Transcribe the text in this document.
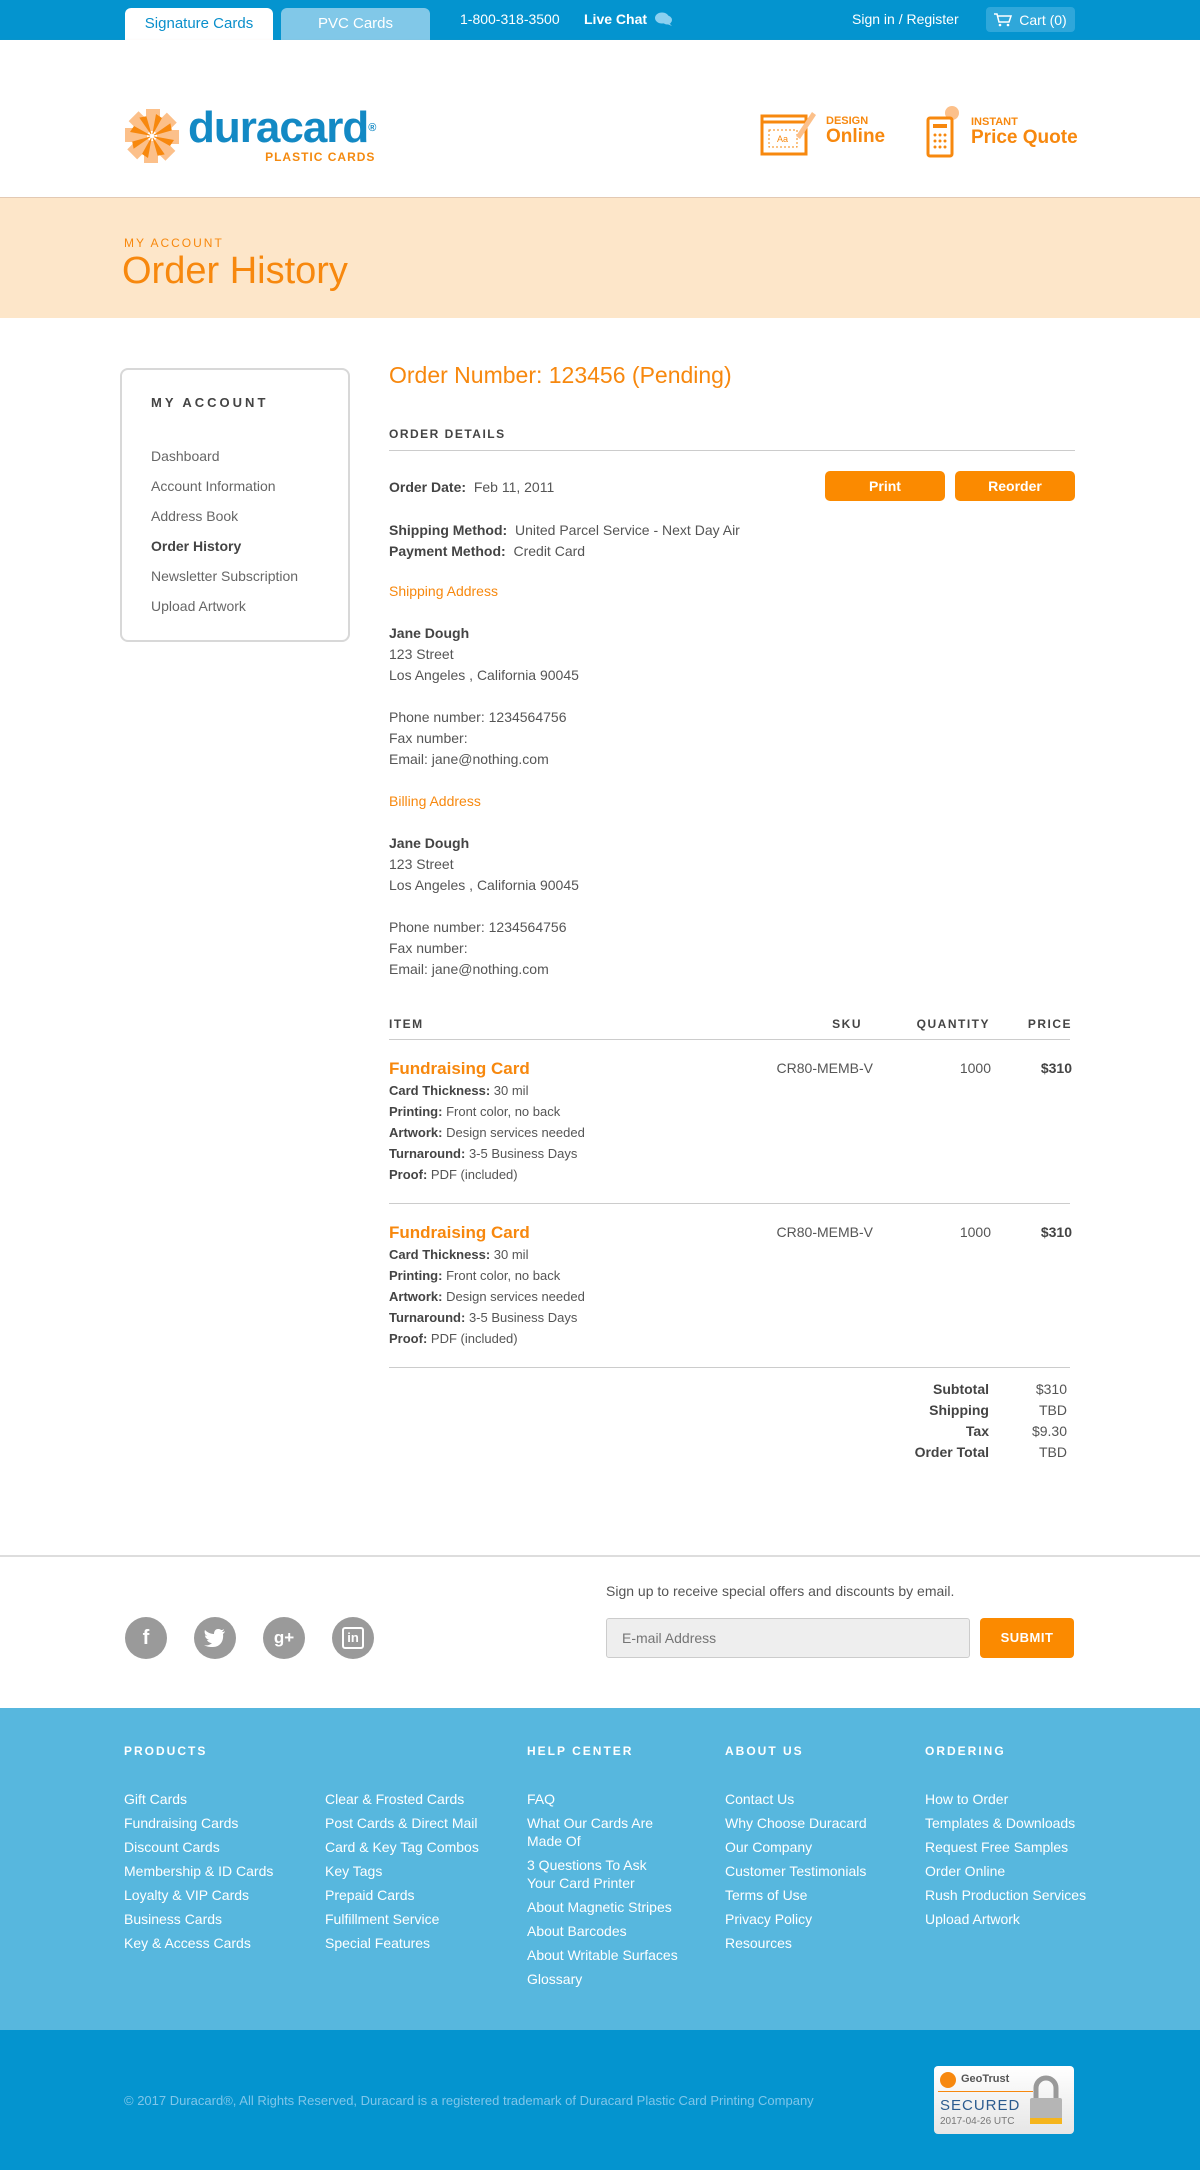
Signature Cards	PVC Cards	1-800-318-3500 Live Chat	Sign in / Register	Cart (0)
duracard®
PLASTIC CARDS
Aa
DESIGN
Online
INSTANT
Price Quote
MY ACCOUNT
Order History
MY ACCOUNT
Dashboard
Account Information
Address Book
Order History
Newsletter Subscription
Upload Artwork
Order Number: 123456 (Pending)
ORDER DETAILS
Order Date: Feb 11, 2011	Print	Reorder
Shipping Method: United Parcel Service - Next Day Air
Payment Method: Credit Card
Shipping Address
Jane Dough
123 Street
Los Angeles , California 90045
Phone number: 1234564756
Fax number:
Email: jane@nothing.com
Billing Address
Jane Dough
123 Street
Los Angeles , California 90045
Phone number: 1234564756
Fax number:
Email: jane@nothing.com
ITEM	SKU	QUANTITY	PRICE
Fundraising Card	CR80-MEMB-V	1000	$310
Card Thickness: 30 mil
Printing: Front color, no back
Artwork: Design services needed
Turnaround: 3-5 Business Days
Proof: PDF (included)
Fundraising Card	CR80-MEMB-V	1000	$310
Card Thickness: 30 mil
Printing: Front color, no back
Artwork: Design services needed
Turnaround: 3-5 Business Days
Proof: PDF (included)
Subtotal	$310
Shipping	TBD
Tax	$9.30
Order Total	TBD
f	g+	in
Sign up to receive special offers and discounts by email.
E-mail Address
SUBMIT
PRODUCTS
Gift Cards
Fundraising Cards
Discount Cards
Membership & ID Cards
Loyalty & VIP Cards
Business Cards
Key & Access Cards
Clear & Frosted Cards
Post Cards & Direct Mail
Card & Key Tag Combos
Key Tags
Prepaid Cards
Fulfillment Service
Special Features
HELP CENTER
FAQ
What Our Cards Are Made Of
3 Questions To Ask Your Card Printer
About Magnetic Stripes
About Barcodes
About Writable Surfaces
Glossary
ABOUT US
Contact Us
Why Choose Duracard
Our Company
Customer Testimonials
Terms of Use
Privacy Policy
Resources
ORDERING
How to Order
Templates & Downloads
Request Free Samples
Order Online
Rush Production Services
Upload Artwork
© 2017 Duracard®, All Rights Reserved, Duracard is a registered trademark of Duracard Plastic Card Printing Company
GeoTrust
SECURED
2017-04-26 UTC
